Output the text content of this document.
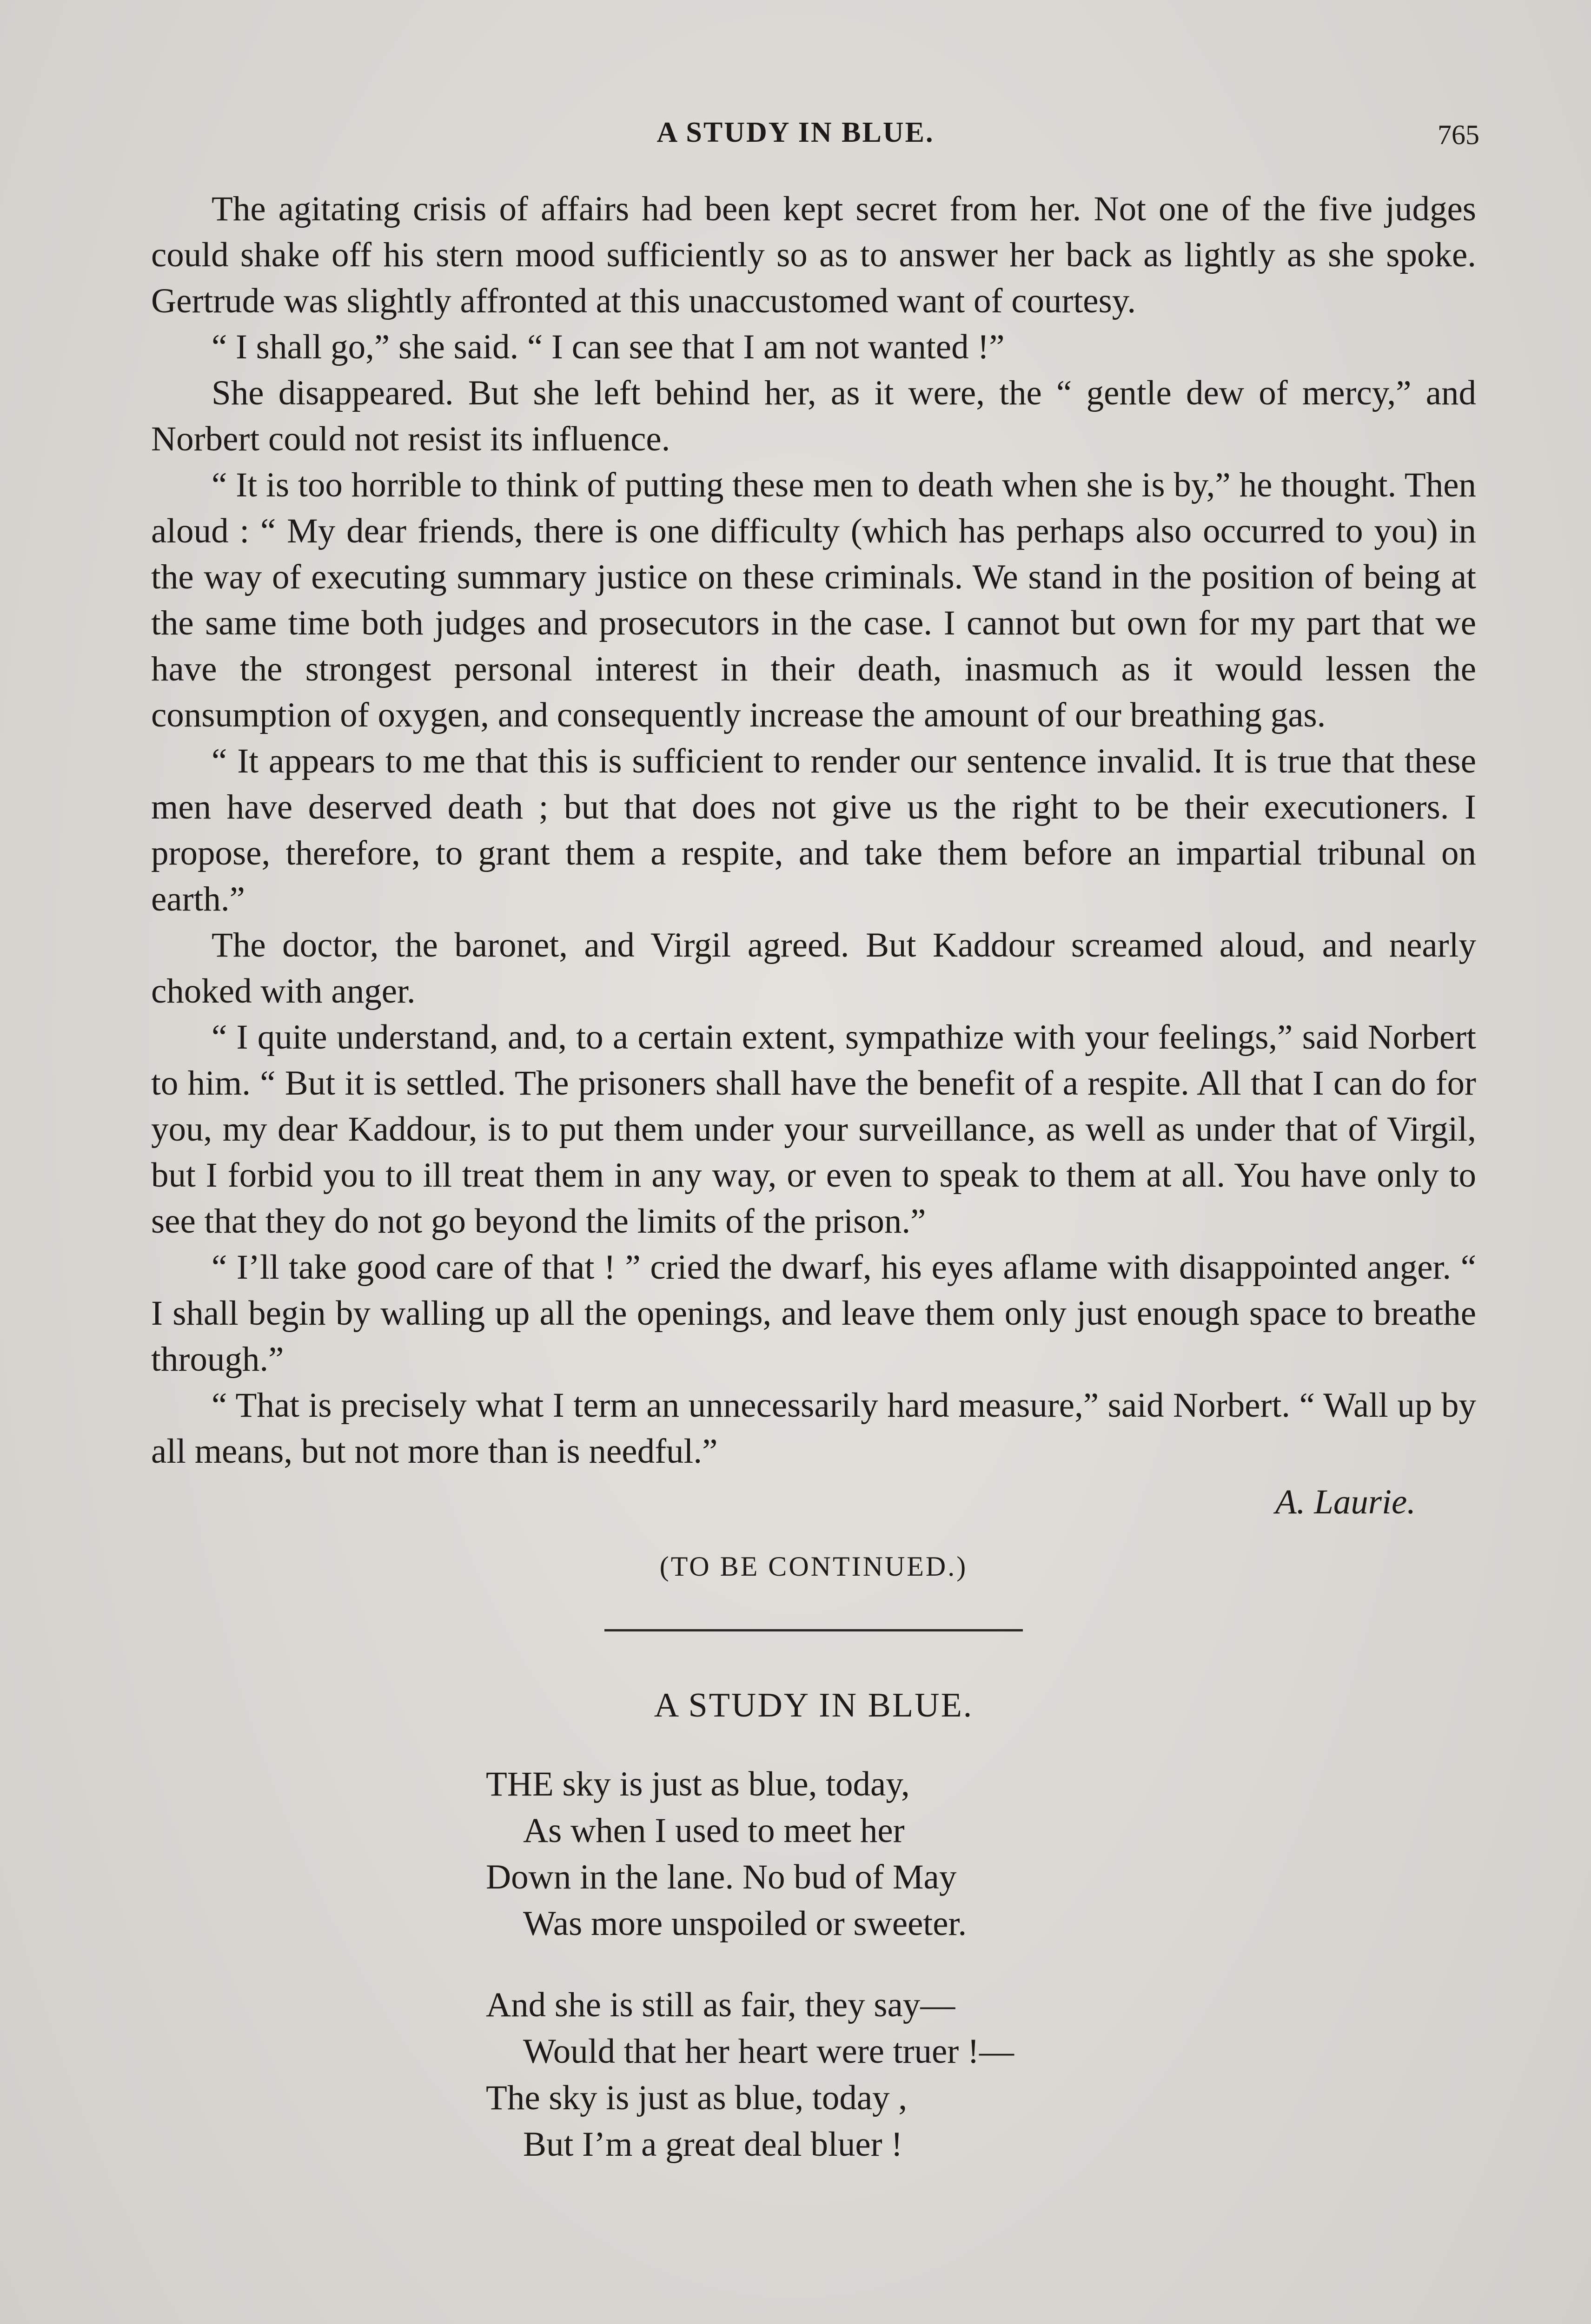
A STUDY IN BLUE.	765

The agitating crisis of affairs had been kept secret from her. Not one of the five judges could shake off his stern mood sufficiently so as to answer her back as lightly as she spoke. Gertrude was slightly affronted at this unaccustomed want of courtesy.

“ I shall go,” she said. “ I can see that I am not wanted !”

She disappeared. But she left behind her, as it were, the “ gentle dew of mercy,” and Norbert could not resist its influence.

“ It is too horrible to think of putting these men to death when she is by,” he thought. Then aloud : “ My dear friends, there is one difficulty (which has perhaps also occurred to you) in the way of executing summary justice on these criminals. We stand in the position of being at the same time both judges and prosecutors in the case. I cannot but own for my part that we have the strongest personal interest in their death, inasmuch as it would lessen the consumption of oxygen, and consequently increase the amount of our breathing gas.

“ It appears to me that this is sufficient to render our sentence invalid. It is true that these men have deserved death ; but that does not give us the right to be their executioners. I propose, therefore, to grant them a respite, and take them before an impartial tribunal on earth.”

The doctor, the baronet, and Virgil agreed. But Kaddour screamed aloud, and nearly choked with anger.

“ I quite understand, and, to a certain extent, sympathize with your feelings,” said Norbert to him. “ But it is settled. The prisoners shall have the benefit of a respite. All that I can do for you, my dear Kaddour, is to put them under your surveillance, as well as under that of Virgil, but I forbid you to ill treat them in any way, or even to speak to them at all. You have only to see that they do not go beyond the limits of the prison.”

“ I’ll take good care of that ! ” cried the dwarf, his eyes aflame with disappointed anger. “ I shall begin by walling up all the openings, and leave them only just enough space to breathe through.”

“ That is precisely what I term an unnecessarily hard measure,” said Norbert. “ Wall up by all means, but not more than is needful.”

A. Laurie.
(TO BE CONTINUED.)
A STUDY IN BLUE.
THE sky is just as blue, today,
As when I used to meet her
Down in the lane. No bud of May
Was more unspoiled or sweeter.
And she is still as fair, they say—
Would that her heart were truer !—
The sky is just as blue, today ,
But I’m a great deal bluer !
